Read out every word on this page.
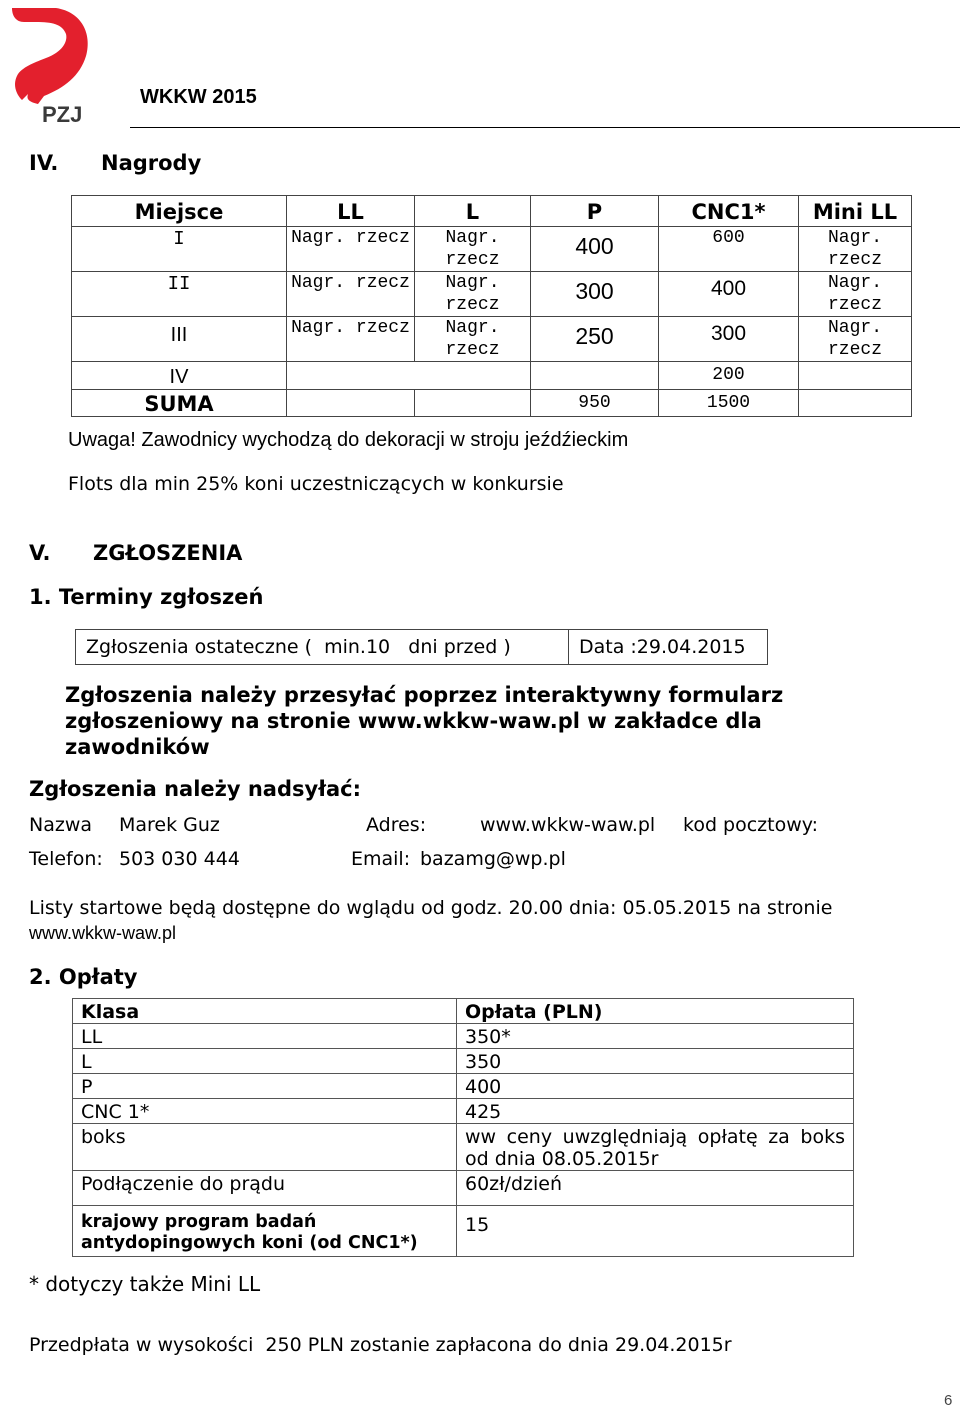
PZJ
WKKW 2015
IV. Nagrody
Miejsce	LL	L	P	CNC1*	Mini LL
I	Nagr. rzecz	Nagr. rzecz	400	600	Nagr. rzecz
II	Nagr. rzecz	Nagr. rzecz	300	400	Nagr. rzecz
III	Nagr. rzecz	Nagr. rzecz	250	300	Nagr. rzecz
IV				200	
SUMA			950	1500	
Uwaga! Zawodnicy wychodzą do dekoracji w stroju jeźdźieckim
Flots dla min 25% koni uczestniczących w konkursie
V. ZGŁOSZENIA
1. Terminy zgłoszeń
Zgłoszenia ostateczne (  min.10   dni przed )	Data :29.04.2015
Zgłoszenia należy przesyłać poprzez interaktywny formularz zgłoszeniowy na stronie www.wkkw-waw.pl w zakładce dla zawodników
Zgłoszenia należy nadsyłać:
Nazwa Marek Guz	Adres:	www.wkkw-waw.pl kod pocztowy:
Telefon: 503 030 444	Email: bazamg@wp.pl
Listy startowe będą dostępne do wglądu od godz. 20.00 dnia: 05.05.2015 na stronie
www.wkkw-waw.pl
2. Opłaty
Klasa	Opłata (PLN)
LL	350*
L	350
P	400
CNC 1*	425
boks	ww ceny uwzględniają opłatę za boks od dnia 08.05.2015r
Podłączenie do prądu	60zł/dzień
krajowy program badań antydopingowych koni (od CNC1*)	15
* dotyczy także Mini LL
Przedpłata w wysokości  250 PLN zostanie zapłacona do dnia 29.04.2015r
6
